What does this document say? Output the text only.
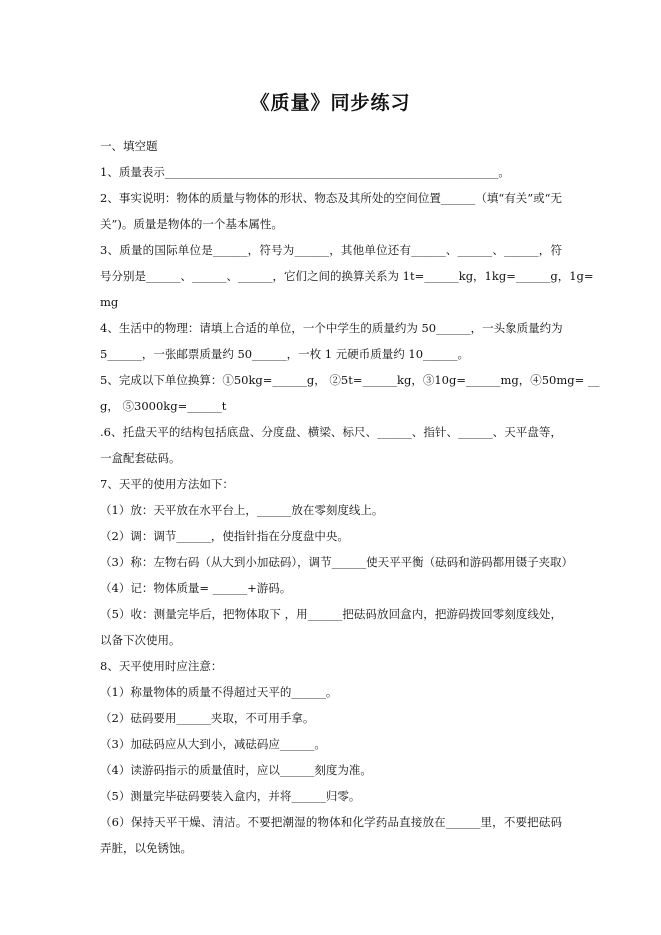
《质量》同步练习
一、填空题
1、质量表示__________________________________________________________。
2、事实说明：物体的质量与物体的形状、物态及其所处的空间位置______（填“有关”或“无
关”)。质量是物体的一个基本属性。
3、质量的国际单位是______，符号为______，其他单位还有______、______、______，符
号分别是______、______、______，它们之间的换算关系为 1t=______kg，1kg=______g，1g=
mg
4、生活中的物理：请填上合适的单位，一个中学生的质量约为 50______，一头象质量约为
5______，一张邮票质量约 50______，一枚 1 元硬币质量约 10______。
5、完成以下单位换算：①50kg=______g， ②5t=______kg，③10g=______mg，④50mg= __
g， ⑤3000kg=______t
.6、托盘天平的结构包括底盘、分度盘、横梁、标尺、______、指针、______、天平盘等，
一盒配套砝码。
7、天平的使用方法如下：
（1）放：天平放在水平台上，______放在零刻度线上。
（2）调：调节______，使指针指在分度盘中央。
（3）称：左物右码（从大到小加砝码），调节______使天平平衡（砝码和游码都用镊子夹取）
（4）记：物体质量= ______+游码。
（5）收：测量完毕后，把物体取下 ，用______把砝码放回盒内，把游码拨回零刻度线处，
以备下次使用。
8、天平使用时应注意：
（1）称量物体的质量不得超过天平的______。
（2）砝码要用______夹取，不可用手拿。
（3）加砝码应从大到小，减砝码应______。
（4）读游码指示的质量值时，应以______刻度为准。
（5）测量完毕砝码要装入盒内，并将______归零。
（6）保持天平干燥、清洁。不要把潮湿的物体和化学药品直接放在______里，不要把砝码
弄脏，以免锈蚀。
